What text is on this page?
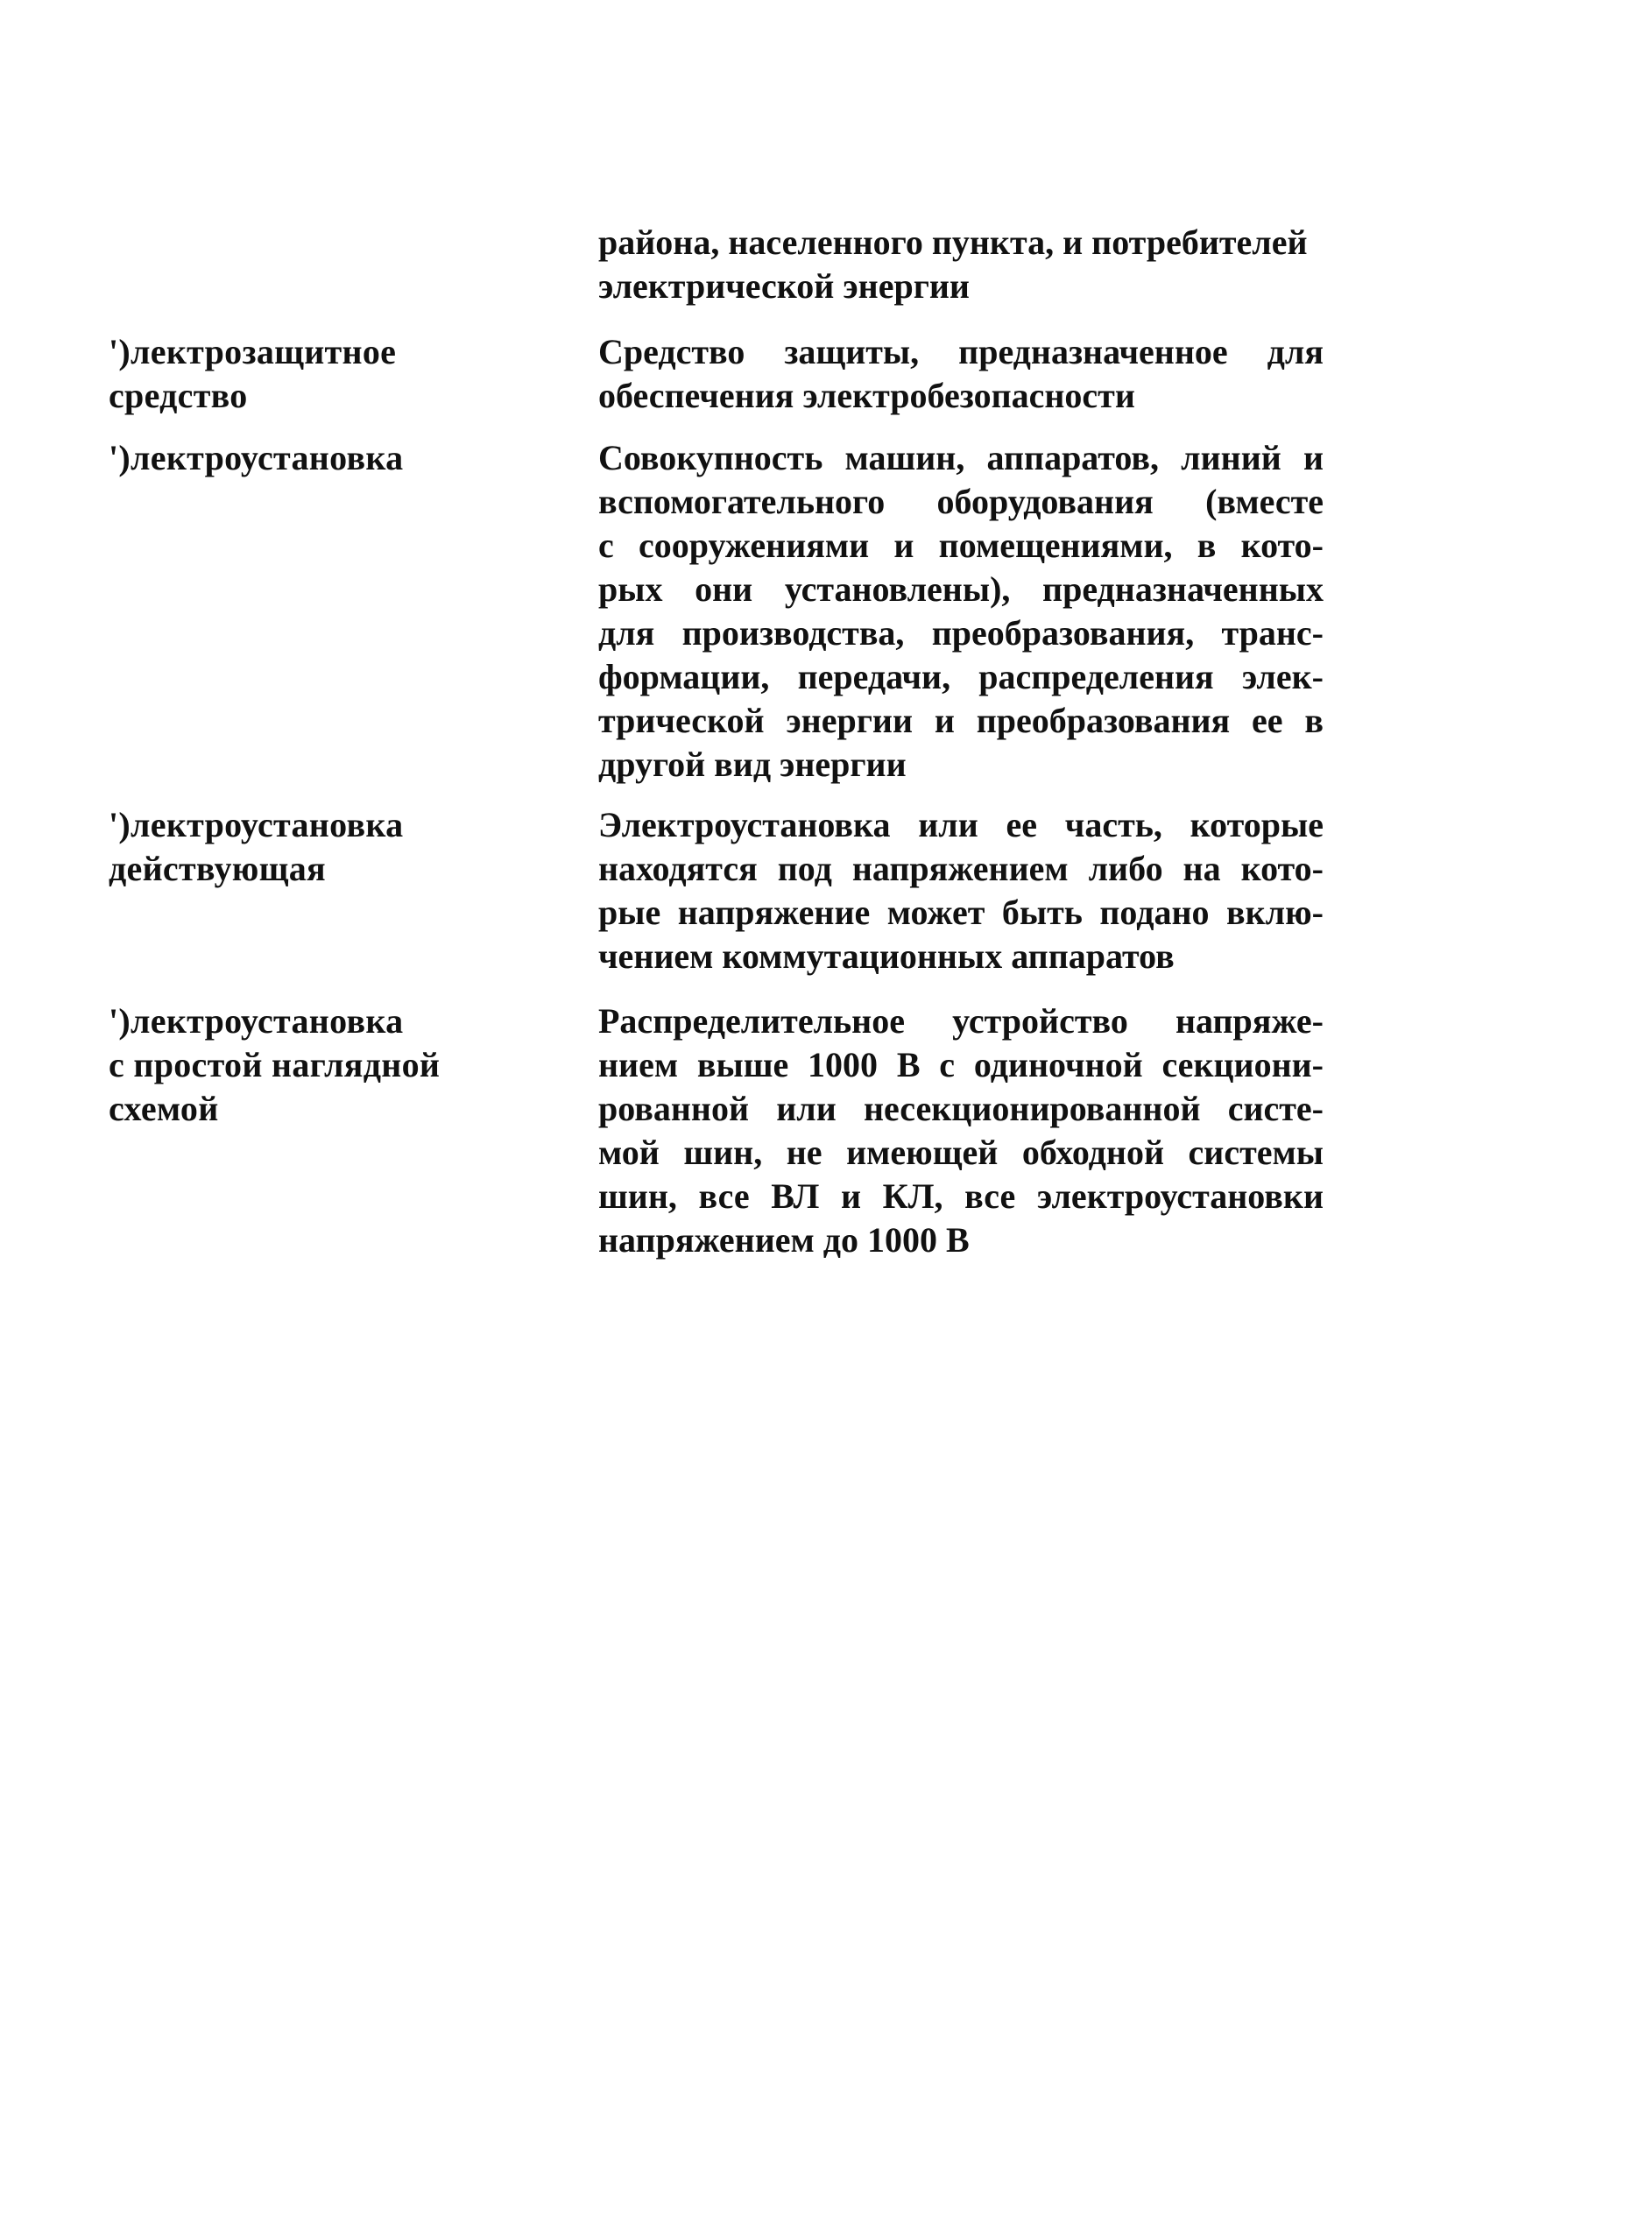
района, населенного пункта, и потребителей
электрической энергии
')лектрозащитное
средство
Средство защиты, предназначенное для
обеспечения электробезопасности
')лектроустановка	Совокупность машин, аппаратов, линий и
вспомогательного оборудования (вместе
с сооружениями и помещениями, в кото-
рых они установлены), предназначенных
для производства, преобразования, транс-
формации, передачи, распределения элек-
трической энергии и преобразования ее в
другой вид энергии
')лектроустановка
действующая
Электроустановка или ее часть, которые
находятся под напряжением либо на кото-
рые напряжение может быть подано вклю-
чением коммутационных аппаратов
')лектроустановка
с простой наглядной
схемой
Распределительное устройство напряже-
нием выше 1000 В с одиночной секциони-
рованной или несекционированной систе-
мой шин, не имеющей обходной системы
шин, все ВЛ и КЛ, все электроустановки
напряжением до 1000 В
